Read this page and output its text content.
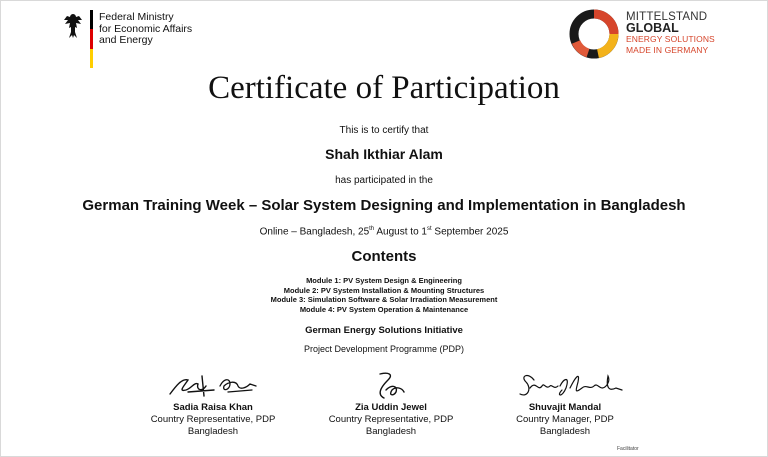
Federal Ministry
for Economic Affairs
and Energy
MITTELSTAND
GLOBAL
ENERGY SOLUTIONS
MADE IN GERMANY
Certificate of Participation
This is to certify that
Shah Ikthiar Alam
has participated in the
German Training Week – Solar System Designing and Implementation in Bangladesh
Online – Bangladesh, 25th August to 1st September 2025
Contents
Module 1: PV System Design & Engineering
Module 2: PV System Installation & Mounting Structures
Module 3: Simulation Software & Solar Irradiation Measurement
Module 4: PV System Operation & Maintenance
German Energy Solutions Initiative
Project Development Programme (PDP)
Sadia Raisa Khan
Country Representative, PDP
Bangladesh
Zia Uddin Jewel
Country Representative, PDP
Bangladesh
Shuvajit Mandal
Country Manager, PDP
Bangladesh
Facilitator
